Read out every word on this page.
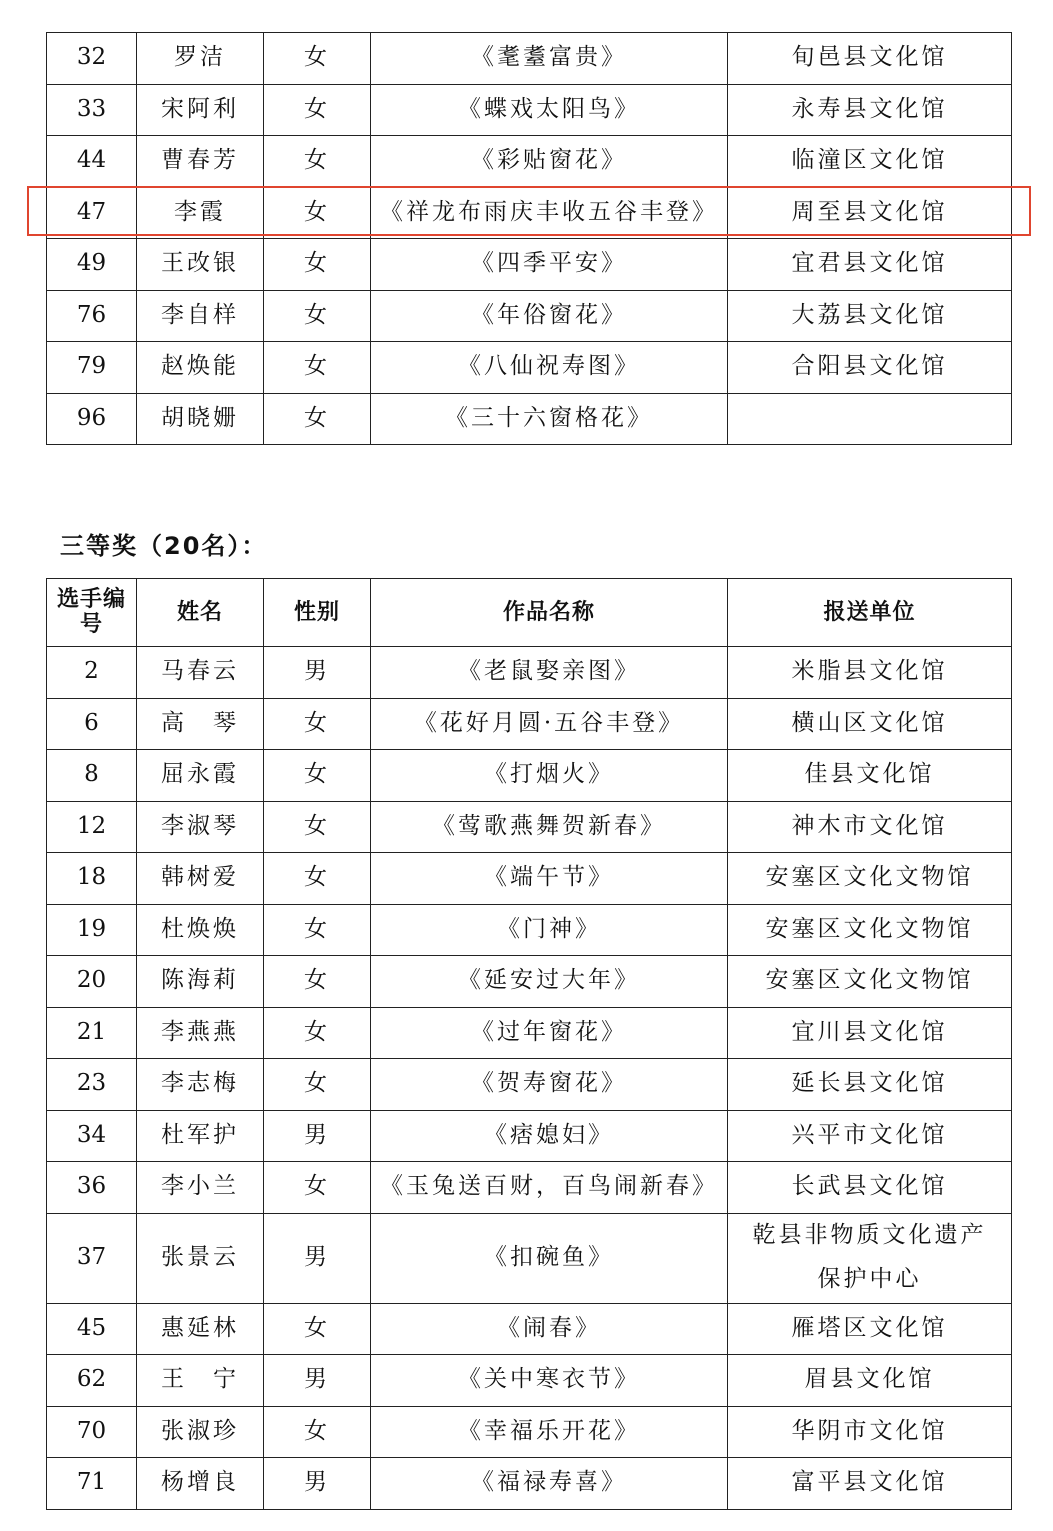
32	罗洁	女	《耄耋富贵》	旬邑县文化馆
33	宋阿利	女	《蝶戏太阳鸟》	永寿县文化馆
44	曹春芳	女	《彩贴窗花》	临潼区文化馆
47	李霞	女	《祥龙布雨庆丰收五谷丰登》	周至县文化馆
49	王改银	女	《四季平安》	宜君县文化馆
76	李自样	女	《年俗窗花》	大荔县文化馆
79	赵焕能	女	《八仙祝寿图》	合阳县文化馆
96	胡晓姗	女	《三十六窗格花》	
三等奖（20名）：
选手编号	姓名	性别	作品名称	报送单位
2	马春云	男	《老鼠娶亲图》	米脂县文化馆
6	高　琴	女	《花好月圆·五谷丰登》	横山区文化馆
8	屈永霞	女	《打烟火》	佳县文化馆
12	李淑琴	女	《莺歌燕舞贺新春》	神木市文化馆
18	韩树爱	女	《端午节》	安塞区文化文物馆
19	杜焕焕	女	《门神》	安塞区文化文物馆
20	陈海莉	女	《延安过大年》	安塞区文化文物馆
21	李燕燕	女	《过年窗花》	宜川县文化馆
23	李志梅	女	《贺寿窗花》	延长县文化馆
34	杜军护	男	《痞媳妇》	兴平市文化馆
36	李小兰	女	《玉兔送百财，百鸟闹新春》	长武县文化馆
37	张景云	男	《扣碗鱼》	乾县非物质文化遗产保护中心
45	惠延林	女	《闹春》	雁塔区文化馆
62	王　宁	男	《关中寒衣节》	眉县文化馆
70	张淑珍	女	《幸福乐开花》	华阴市文化馆
71	杨增良	男	《福禄寿喜》	富平县文化馆
